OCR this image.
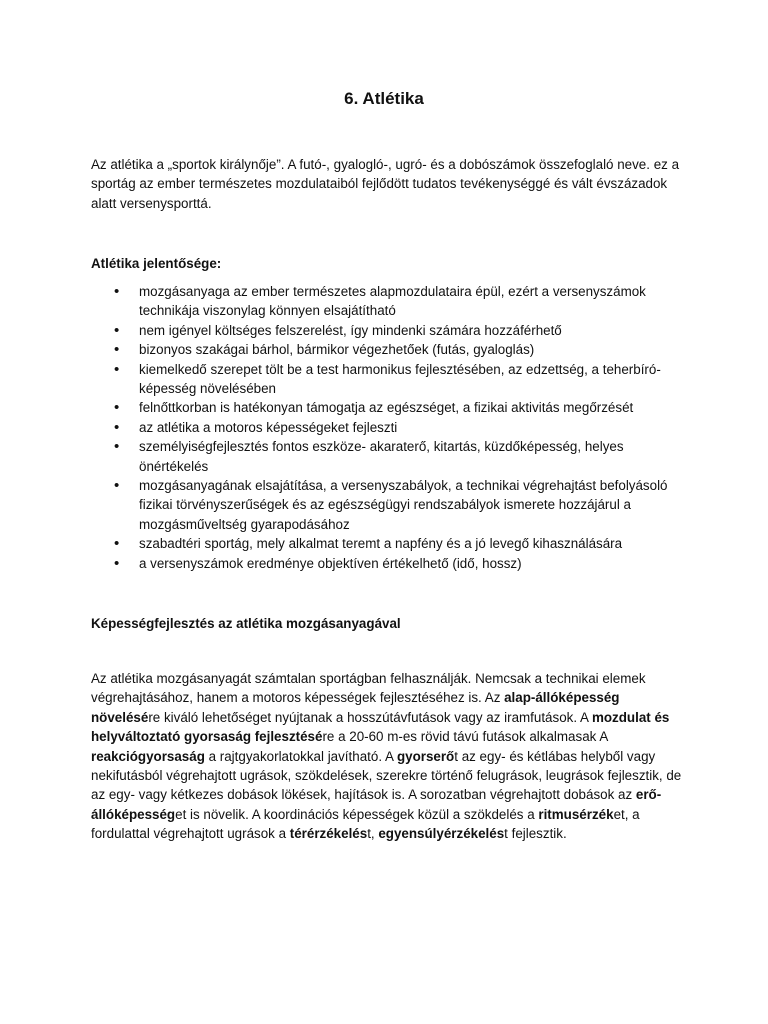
6. Atlétika

Az atlétika a „sportok királynője”. A futó-, gyalogló-, ugró- és a dobószámok összefoglaló neve. ez a sportág az ember természetes mozdulataiból fejlődött tudatos tevékenységgé és vált évszázadok alatt versenysporttá.

Atlétika jelentősége:
• mozgásanyaga az ember természetes alapmozdulataira épül, ezért a versenyszámok technikája viszonylag könnyen elsajátítható
• nem igényel költséges felszerelést, így mindenki számára hozzáférhető
• bizonyos szakágai bárhol, bármikor végezhetőek (futás, gyaloglás)
• kiemelkedő szerepet tölt be a test harmonikus fejlesztésében, az edzettség, a teherbíró-képesség növelésében
• felnőttkorban is hatékonyan támogatja az egészséget, a fizikai aktivitás megőrzését
• az atlétika a motoros képességeket fejleszti
• személyiségfejlesztés fontos eszköze- akaraterő, kitartás, küzdőképesség, helyes önértékelés
• mozgásanyagának elsajátítása, a versenyszabályok, a technikai végrehajtást befolyásoló fizikai törvényszerűségek és az egészségügyi rendszabályok ismerete hozzájárul a mozgásműveltség gyarapodásához
• szabadtéri sportág, mely alkalmat teremt a napfény és a jó levegő kihasználására
• a versenyszámok eredménye objektíven értékelhető (idő, hossz)
Képességfejlesztés az atlétika mozgásanyagával

Az atlétika mozgásanyagát számtalan sportágban felhasználják. Nemcsak a technikai elemek végrehajtásához, hanem a motoros képességek fejlesztéséhez is. Az alap-állóképesség növelésére kiváló lehetőséget nyújtanak a hosszútávfutások vagy az iramfutások. A mozdulat és helyváltoztató gyorsaság fejlesztésére a 20-60 m-es rövid távú futások alkalmasak A reakciógyorsaság a rajtgyakorlatokkal javítható. A gyorserőt az egy- és kétlábas helyből vagy nekifutásból végrehajtott ugrások, szökdelések, szerekre történő felugrások, leugrások fejlesztik, de az egy- vagy kétkezes dobások lökések, hajítások is. A sorozatban végrehajtott dobások az erő- állóképességet is növelik. A koordinációs képességek közül a szökdelés a ritmusérzéket, a fordulattal végrehajtott ugrások a térérzékelést, egyensúlyérzékelést fejlesztik.
